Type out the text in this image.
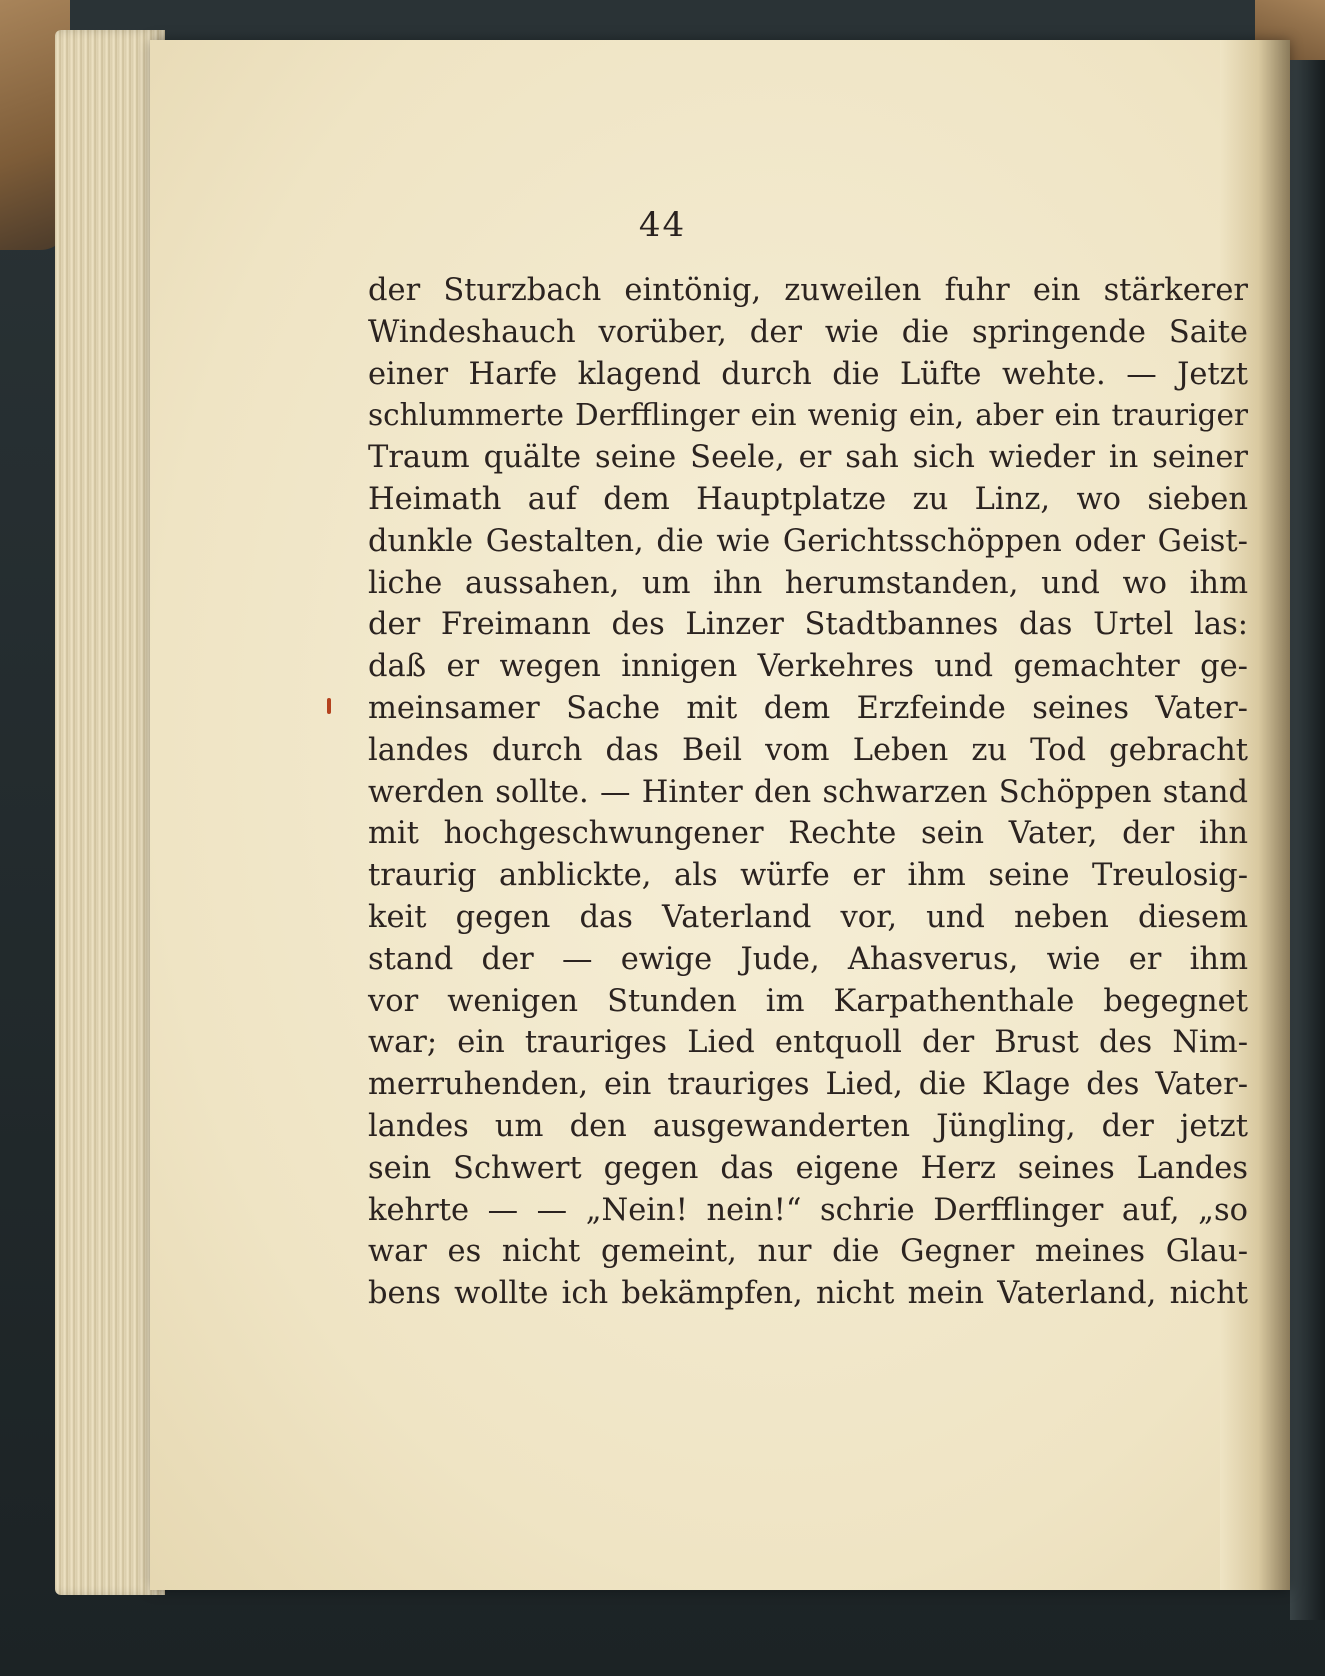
44
der Sturzbach eintönig, zuweilen fuhr ein stärkerer
Windeshauch vorüber, der wie die springende Saite
einer Harfe klagend durch die Lüfte wehte. — Jetzt
schlummerte Derfflinger ein wenig ein, aber ein trauriger
Traum quälte seine Seele, er sah sich wieder in seiner
Heimath auf dem Hauptplatze zu Linz, wo sieben
dunkle Gestalten, die wie Gerichtsschöppen oder Geist-
liche aussahen, um ihn herumstanden, und wo ihm
der Freimann des Linzer Stadtbannes das Urtel las:
daß er wegen innigen Verkehres und gemachter ge-
meinsamer Sache mit dem Erzfeinde seines Vater-
landes durch das Beil vom Leben zu Tod gebracht
werden sollte. — Hinter den schwarzen Schöppen stand
mit hochgeschwungener Rechte sein Vater, der ihn
traurig anblickte, als würfe er ihm seine Treulosig-
keit gegen das Vaterland vor, und neben diesem
stand der — ewige Jude, Ahasverus, wie er ihm
vor wenigen Stunden im Karpathenthale begegnet
war; ein trauriges Lied entquoll der Brust des Nim-
merruhenden, ein trauriges Lied, die Klage des Vater-
landes um den ausgewanderten Jüngling, der jetzt
sein Schwert gegen das eigene Herz seines Landes
kehrte — — „Nein! nein!“ schrie Derfflinger auf, „so
war es nicht gemeint, nur die Gegner meines Glau-
bens wollte ich bekämpfen, nicht mein Vaterland, nicht
